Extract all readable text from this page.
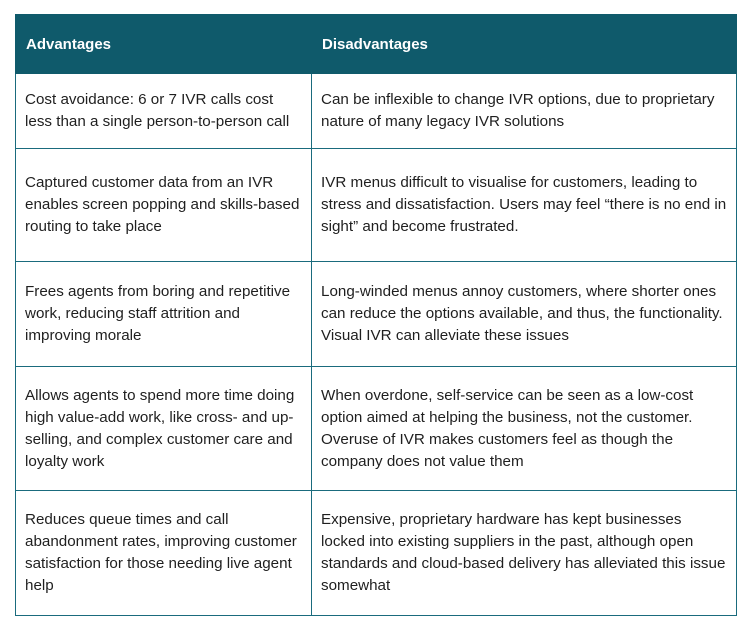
Advantages	Disadvantages
Cost avoidance: 6 or 7 IVR calls cost less than a single person-to-person call	Can be inflexible to change IVR options, due to proprietary nature of many legacy IVR solutions
Captured customer data from an IVR enables screen popping and skills-based routing to take place	IVR menus difficult to visualise for customers, leading to stress and dissatisfaction. Users may feel “there is no end in sight” and become frustrated.
Frees agents from boring and repetitive work, reducing staff attrition and improving morale	Long-winded menus annoy customers, where shorter ones can reduce the options available, and thus, the functionality. Visual IVR can alleviate these issues
Allows agents to spend more time doing high value-add work, like cross- and up-selling, and complex customer care and loyalty work	When overdone, self-service can be seen as a low-cost option aimed at helping the business, not the customer. Overuse of IVR makes customers feel as though the company does not value them
Reduces queue times and call abandonment rates, improving customer satisfaction for those needing live agent help	Expensive, proprietary hardware has kept businesses locked into existing suppliers in the past, although open standards and cloud-based delivery has alleviated this issue somewhat
